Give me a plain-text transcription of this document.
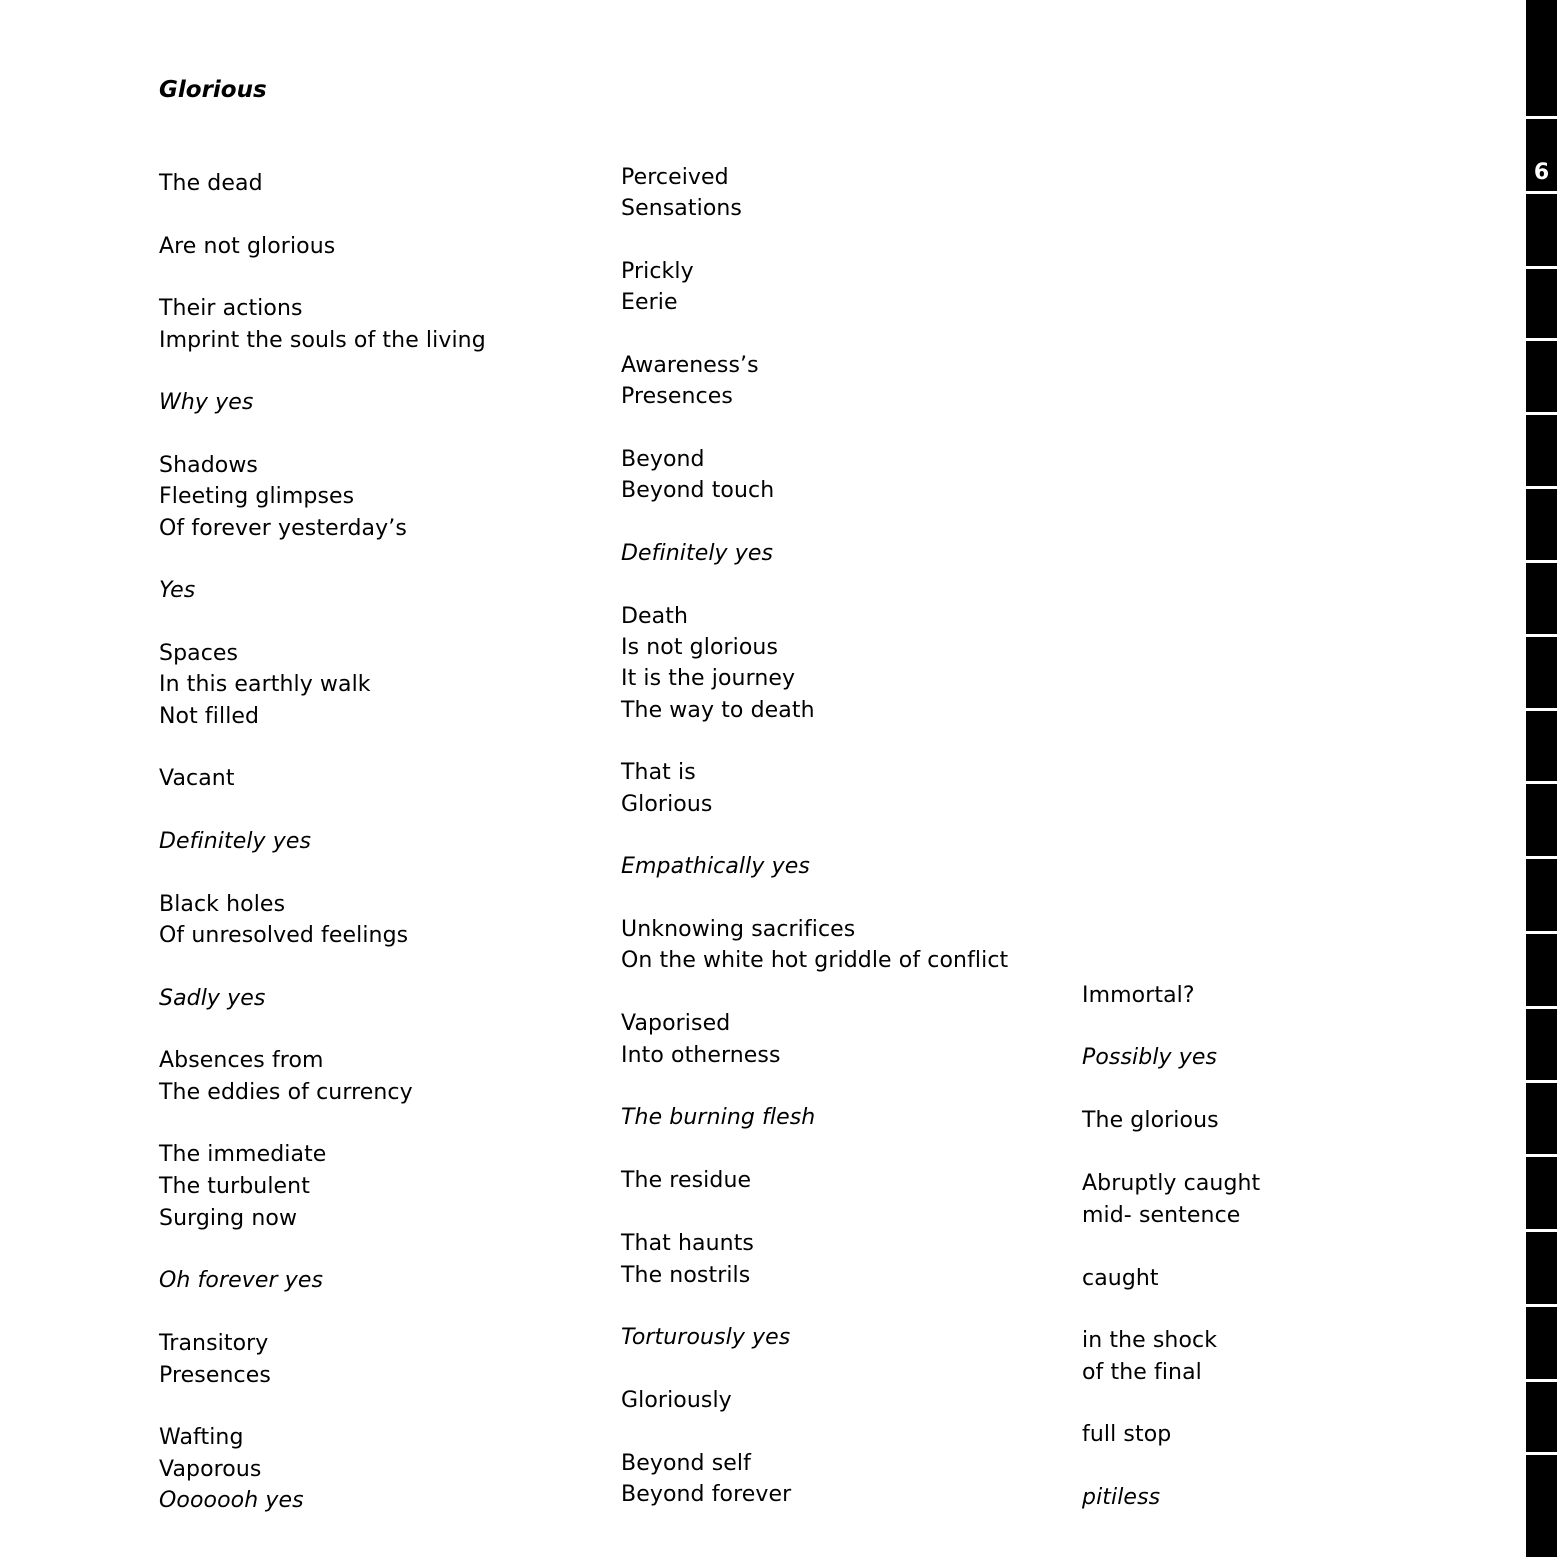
Glorious
The dead
Are not glorious
Their actions
Imprint the souls of the living
Why yes
Shadows
Fleeting glimpses
Of forever yesterday’s
Yes
Spaces
In this earthly walk
Not filled
Vacant
Definitely yes
Black holes
Of unresolved feelings
Sadly yes
Absences from
The eddies of currency
The immediate
The turbulent
Surging now
Oh forever yes
Transitory
Presences
Wafting
Vaporous
Ooooooh yes
Perceived
Sensations
Prickly
Eerie
Awareness’s
Presences
Beyond
Beyond touch
Definitely yes
Death
Is not glorious
It is the journey
The way to death
That is
Glorious
Empathically yes
Unknowing sacrifices
On the white hot griddle of conflict
Vaporised
Into otherness
The burning flesh
The residue
That haunts
The nostrils
Torturously yes
Gloriously
Beyond self
Beyond forever
Immortal?
Possibly yes
The glorious
Abruptly caught
mid- sentence
caught
in the shock
of the final
full stop
pitiless
6
